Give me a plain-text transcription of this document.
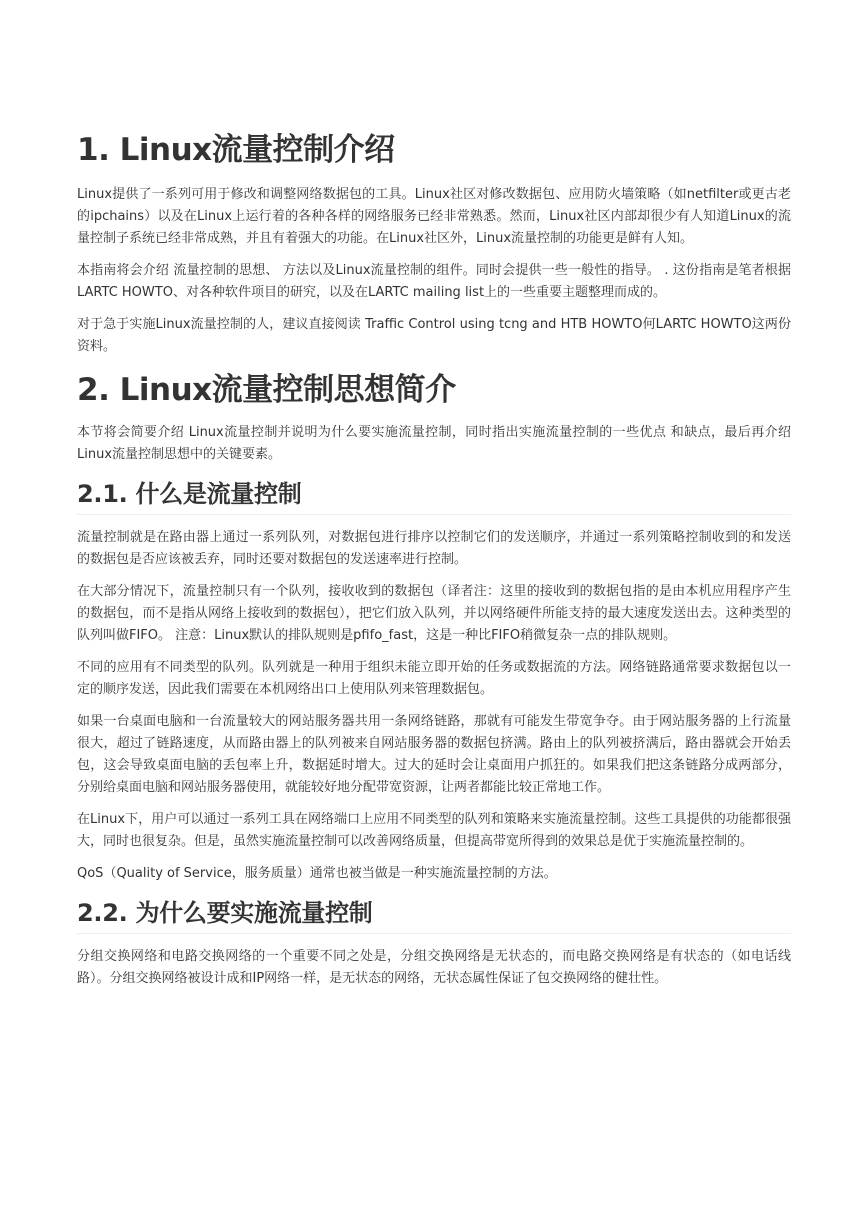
1. Linux流量控制介绍

Linux提供了一系列可用于修改和调整网络数据包的工具。Linux社区对修改数据包、应用防火墙策略（如netfilter或更古老的ipchains）以及在Linux上运行着的各种各样的网络服务已经非常熟悉。然而，Linux社区内部却很少有人知道Linux的流量控制子系统已经非常成熟，并且有着强大的功能。在Linux社区外，Linux流量控制的功能更是鲜有人知。

本指南将会介绍 流量控制的思想、 方法以及Linux流量控制的组件。同时会提供一些一般性的指导。 . 这份指南是笔者根据LARTC HOWTO、对各种软件项目的研究，以及在LARTC mailing list上的一些重要主题整理而成的。

对于急于实施Linux流量控制的人，建议直接阅读 Traffic Control using tcng and HTB HOWTO何LARTC HOWTO这两份资料。

2. Linux流量控制思想简介

本节将会简要介绍 Linux流量控制并说明为什么要实施流量控制，同时指出实施流量控制的一些优点 和缺点，最后再介绍Linux流量控制思想中的关键要素。

2.1. 什么是流量控制

流量控制就是在路由器上通过一系列队列，对数据包进行排序以控制它们的发送顺序，并通过一系列策略控制收到的和发送的数据包是否应该被丢弃，同时还要对数据包的发送速率进行控制。

在大部分情况下，流量控制只有一个队列，接收收到的数据包（译者注：这里的接收到的数据包指的是由本机应用程序产生的数据包，而不是指从网络上接收到的数据包），把它们放入队列，并以网络硬件所能支持的最大速度发送出去。这种类型的队列叫做FIFO。 注意：Linux默认的排队规则是pfifo_fast，这是一种比FIFO稍微复杂一点的排队规则。

不同的应用有不同类型的队列。队列就是一种用于组织未能立即开始的任务或数据流的方法。网络链路通常要求数据包以一定的顺序发送，因此我们需要在本机网络出口上使用队列来管理数据包。

如果一台桌面电脑和一台流量较大的网站服务器共用一条网络链路，那就有可能发生带宽争夺。由于网站服务器的上行流量很大，超过了链路速度，从而路由器上的队列被来自网站服务器的数据包挤满。路由上的队列被挤满后，路由器就会开始丢包，这会导致桌面电脑的丢包率上升，数据延时增大。过大的延时会让桌面用户抓狂的。如果我们把这条链路分成两部分，分别给桌面电脑和网站服务器使用，就能较好地分配带宽资源，让两者都能比较正常地工作。

在Linux下，用户可以通过一系列工具在网络端口上应用不同类型的队列和策略来实施流量控制。这些工具提供的功能都很强大，同时也很复杂。但是，虽然实施流量控制可以改善网络质量，但提高带宽所得到的效果总是优于实施流量控制的。

QoS（Quality of Service，服务质量）通常也被当做是一种实施流量控制的方法。

2.2. 为什么要实施流量控制

分组交换网络和电路交换网络的一个重要不同之处是，分组交换网络是无状态的，而电路交换网络是有状态的（如电话线路）。分组交换网络被设计成和IP网络一样，是无状态的网络，无状态属性保证了包交换网络的健壮性。
